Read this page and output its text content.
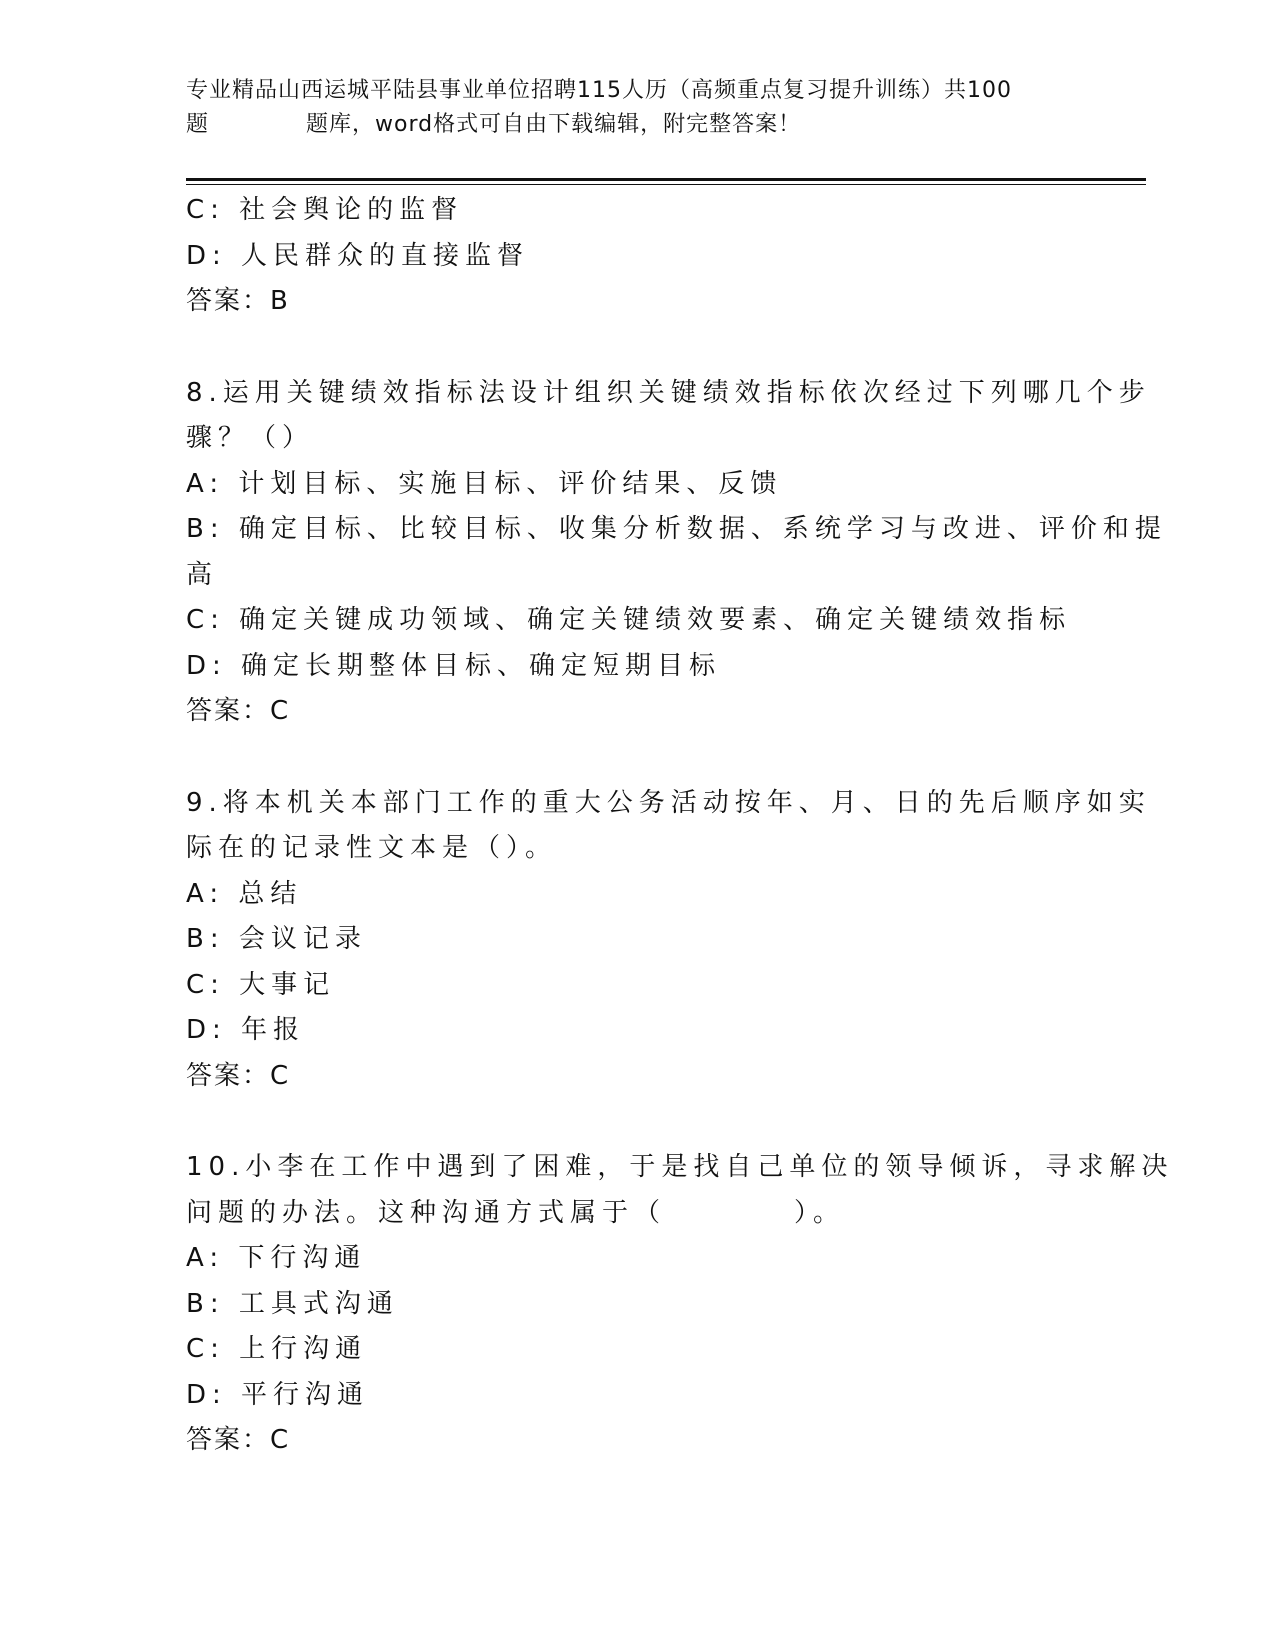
专业精品山西运城平陆县事业单位招聘115人历（高频重点复习提升训练）共100
题	题库，word格式可自由下载编辑，附完整答案！
C: 社会舆论的监督
D: 人民群众的直接监督
答案：B
8.运用关键绩效指标法设计组织关键绩效指标依次经过下列哪几个步
骤？（）
A: 计划目标、实施目标、评价结果、反馈
B: 确定目标、比较目标、收集分析数据、系统学习与改进、评价和提
高
C: 确定关键成功领域、确定关键绩效要素、确定关键绩效指标
D: 确定长期整体目标、确定短期目标
答案：C
9.将本机关本部门工作的重大公务活动按年、月、日的先后顺序如实
际在的记录性文本是（）。
A: 总结
B: 会议记录
C: 大事记
D: 年报
答案：C
10.小李在工作中遇到了困难，于是找自己单位的领导倾诉，寻求解决
问题的办法。这种沟通方式属于（　　　　）。
A: 下行沟通
B: 工具式沟通
C: 上行沟通
D: 平行沟通
答案：C
